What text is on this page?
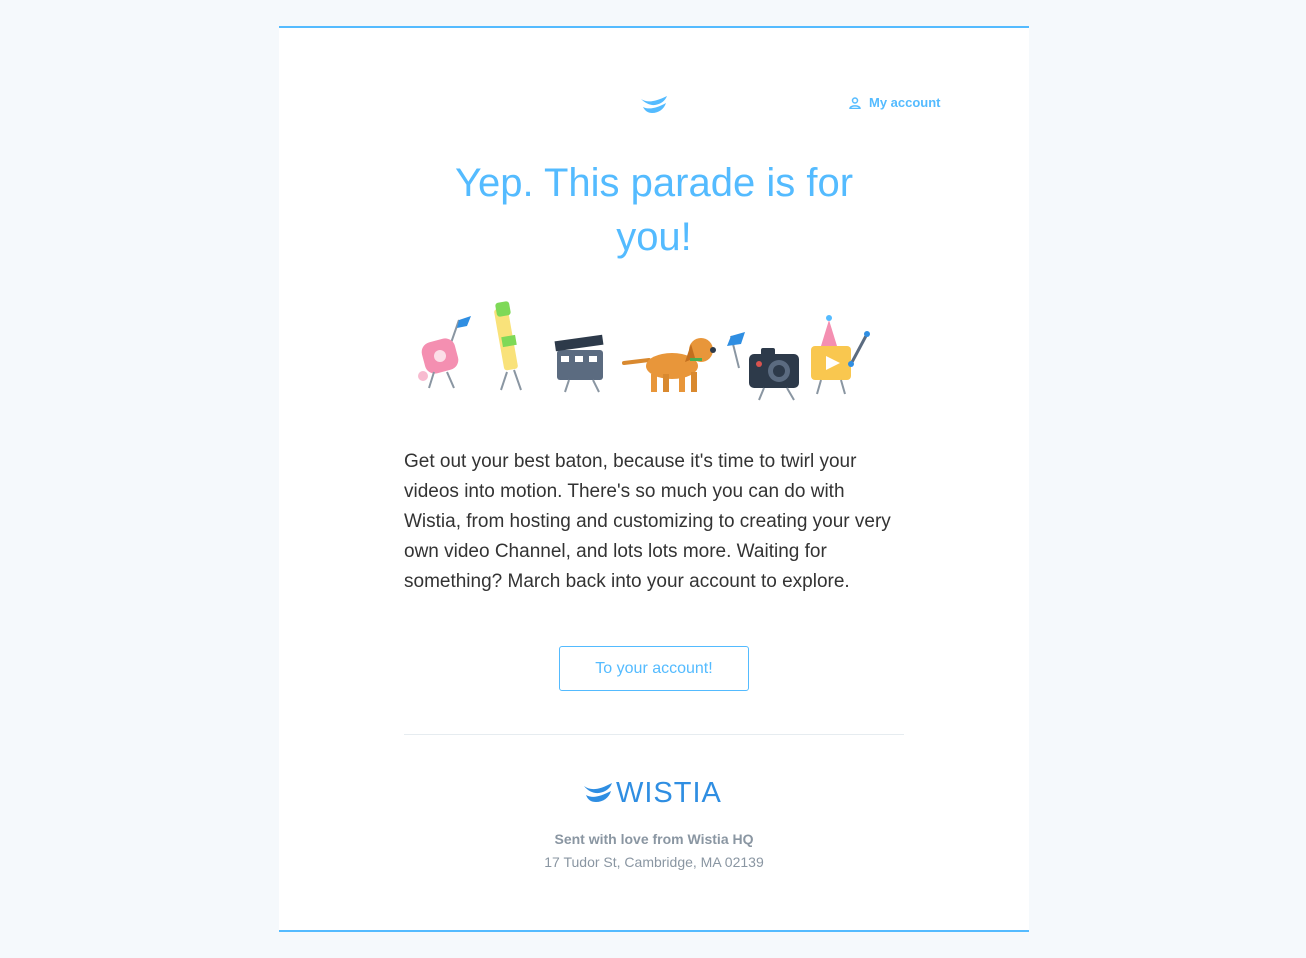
My account
Yep. This parade is for you!

Get out your best baton, because it's time to twirl your videos into motion. There's so much you can do with Wistia, from hosting and customizing to creating your very own video Channel, and lots lots more. Waiting for something? March back into your account to explore.

To your account!
WISTIA

Sent with love from Wistia HQ

17 Tudor St, Cambridge, MA 02139
